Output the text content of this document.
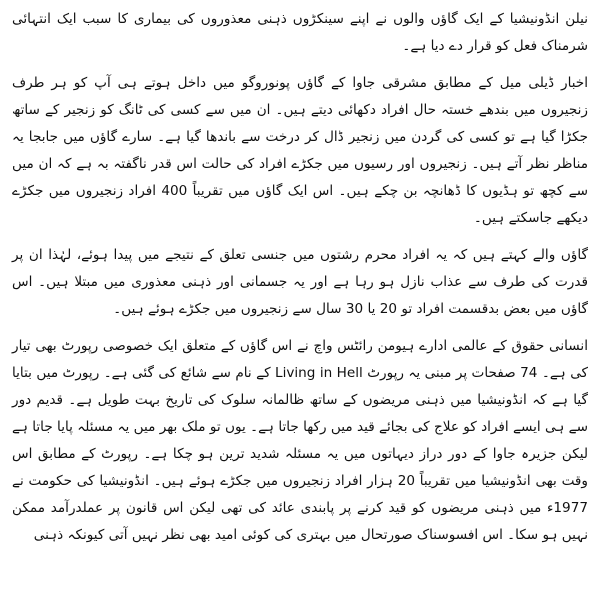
نیلن انڈونیشیا کے ایک گاؤں والوں نے اپنے سینکڑوں ذہنی معذوروں کی بیماری کا سبب ایک انتہائی شرمناک فعل کو قرار دے دیا ہے۔

اخبار ڈیلی میل کے مطابق مشرقی جاوا کے گاؤں پونوروگو میں داخل ہوتے ہی آپ کو ہر طرف زنجیروں میں بندھے خستہ حال افراد دکھائی دیتے ہیں۔ ان میں سے کسی کی ٹانگ کو زنجیر کے ساتھ جکڑا گیا ہے تو کسی کی گردن میں زنجیر ڈال کر درخت سے باندھا گیا ہے۔ سارے گاؤں میں جابجا یہ مناظر نظر آتے ہیں۔ زنجیروں اور رسیوں میں جکڑے افراد کی حالت اس قدر ناگفتہ بہ ہے کہ ان میں سے کچھ تو ہڈیوں کا ڈھانچہ بن چکے ہیں۔ اس ایک گاؤں میں تقریباً 400 افراد زنجیروں میں جکڑے دیکھے جاسکتے ہیں۔

گاؤں والے کہتے ہیں کہ یہ افراد محرم رشتوں میں جنسی تعلق کے نتیجے میں پیدا ہوئے، لہٰذا ان پر قدرت کی طرف سے عذاب نازل ہو رہا ہے اور یہ جسمانی اور ذہنی معذوری میں مبتلا ہیں۔ اس گاؤں میں بعض بدقسمت افراد تو 20 یا 30 سال سے زنجیروں میں جکڑے ہوئے ہیں۔

انسانی حقوق کے عالمی ادارے ہیومن رائٹس واچ نے اس گاؤں کے متعلق ایک خصوصی رپورٹ بھی تیار کی ہے۔ 74 صفحات پر مبنی یہ رپورٹ Living in Hell کے نام سے شائع کی گئی ہے۔ رپورٹ میں بتایا گیا ہے کہ انڈونیشیا میں ذہنی مریضوں کے ساتھ ظالمانہ سلوک کی تاریخ بہت طویل ہے۔ قدیم دور سے ہی ایسے افراد کو علاج کی بجائے قید میں رکھا جاتا ہے۔ یوں تو ملک بھر میں یہ مسئلہ پایا جاتا ہے لیکن جزیرہ جاوا کے دور دراز دیہاتوں میں یہ مسئلہ شدید ترین ہو چکا ہے۔ رپورٹ کے مطابق اس وقت بھی انڈونیشیا میں تقریباً 20 ہزار افراد زنجیروں میں جکڑے ہوئے ہیں۔ انڈونیشیا کی حکومت نے 1977ء میں ذہنی مریضوں کو قید کرنے پر پابندی عائد کی تھی لیکن اس قانون پر عملدرآمد ممکن نہیں ہو سکا۔ اس افسوسناک صورتحال میں بہتری کی کوئی امید بھی نظر نہیں آتی کیونکہ ذہنی
